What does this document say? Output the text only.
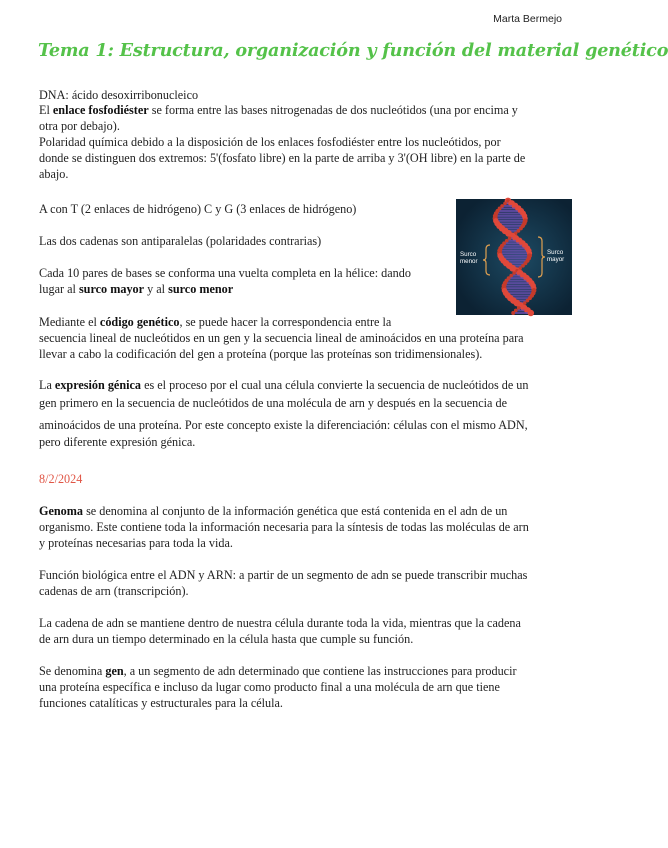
Marta Bermejo
Tema 1: Estructura, organización y función del material genético
DNA: ácido desoxirribonucleico
El enlace fosfodiéster se forma entre las bases nitrogenadas de dos nucleótidos (una por encima y
otra por debajo).
Polaridad química debido a la disposición de los enlaces fosfodiéster entre los nucleótidos, por
donde se distinguen dos extremos: 5'(fosfato libre) en la parte de arriba y 3'(OH libre) en la parte de
abajo.
A con T (2 enlaces de hidrógeno) C y G (3 enlaces de hidrógeno)
Las dos cadenas son antiparalelas (polaridades contrarias)
Cada 10 pares de bases se conforma una vuelta completa en la hélice: dando
lugar al surco mayor y al surco menor
Surco
menor
Surco
mayor
Mediante el código genético, se puede hacer la correspondencia entre la
secuencia lineal de nucleótidos en un gen y la secuencia lineal de aminoácidos en una proteína para
llevar a cabo la codificación del gen a proteína (porque las proteínas son tridimensionales).
La expresión génica es el proceso por el cual una célula convierte la secuencia de nucleótidos de un
gen primero en la secuencia de nucleótidos de una molécula de arn y después en la secuencia de
aminoácidos de una proteína. Por este concepto existe la diferenciación: células con el mismo ADN,
pero diferente expresión génica.
8/2/2024
Genoma se denomina al conjunto de la información genética que está contenida en el adn de un
organismo. Este contiene toda la información necesaria para la síntesis de todas las moléculas de arn
y proteínas necesarias para toda la vida.
Función biológica entre el ADN y ARN: a partir de un segmento de adn se puede transcribir muchas
cadenas de arn (transcripción).
La cadena de adn se mantiene dentro de nuestra célula durante toda la vida, mientras que la cadena
de arn dura un tiempo determinado en la célula hasta que cumple su función.
Se denomina gen, a un segmento de adn determinado que contiene las instrucciones para producir
una proteína específica e incluso da lugar como producto final a una molécula de arn que tiene
funciones catalíticas y estructurales para la célula.
